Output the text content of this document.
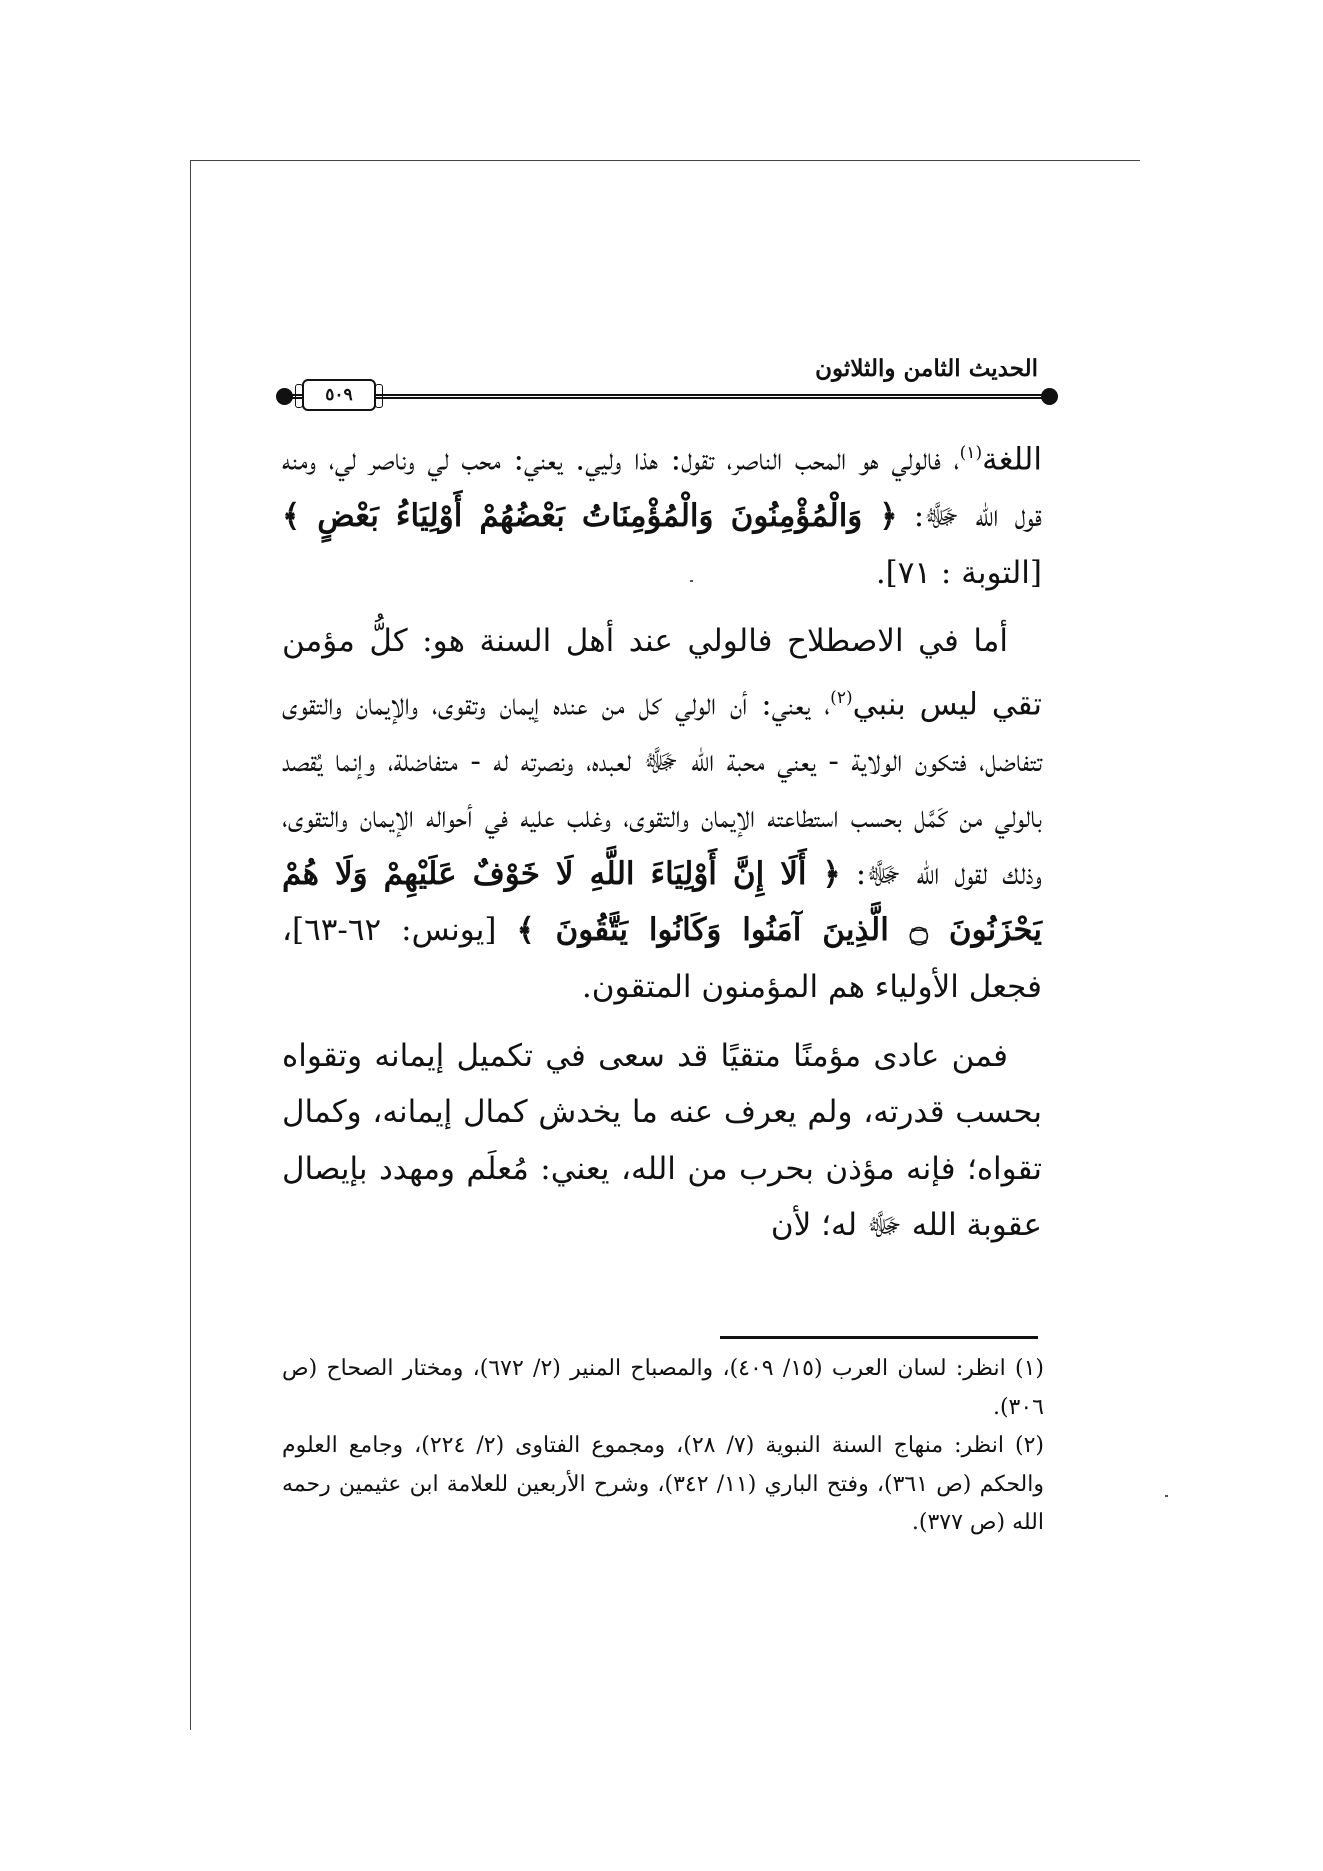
الحديث الثامن والثلاثون
٥٠٩

اللغة$^{(١)}$، فالولي هو المحب الناصر، تقول: هذا وليي. يعني: محب لي وناصر لي، ومنه قول الله ﷻ: ﴿ وَالْمُؤْمِنُونَ وَالْمُؤْمِنَاتُ بَعْضُهُمْ أَوْلِيَاءُ بَعْضٍ ﴾ [التوبة : ٧١].

أما في الاصطلاح فالولي عند أهل السنة هو: كلُّ مؤمن تقي ليس بنبي$^{(٢)}$، يعني: أن الولي كل من عنده إيمان وتقوى، والإيمان والتقوى تتفاضل، فتكون الولاية - يعني محبة الله ﷻ لعبده، ونصرته له - متفاضلة، وإنما يُقصد بالولي من كَمَّل بحسب استطاعته الإيمان والتقوى، وغلب عليه في أحواله الإيمان والتقوى، وذلك لقول الله ﷻ: ﴿ أَلَا إِنَّ أَوْلِيَاءَ اللَّهِ لَا خَوْفٌ عَلَيْهِمْ وَلَا هُمْ يَحْزَنُونَ ۝ الَّذِينَ آمَنُوا وَكَانُوا يَتَّقُونَ ﴾ [يونس: ٦٢-٦٣]، فجعل الأولياء هم المؤمنون المتقون.

فمن عادى مؤمنًا متقيًا قد سعى في تكميل إيمانه وتقواه بحسب قدرته، ولم يعرف عنه ما يخدش كمال إيمانه، وكمال تقواه؛ فإنه مؤذن بحرب من الله، يعني: مُعلَم ومهدد بإيصال عقوبة الله ﷻ له؛ لأن

(١) انظر: لسان العرب (١٥/ ٤٠٩)، والمصباح المنير (٢/ ٦٧٢)، ومختار الصحاح (ص ٣٠٦).

(٢) انظر: منهاج السنة النبوية (٧/ ٢٨)، ومجموع الفتاوى (٢/ ٢٢٤)، وجامع العلوم والحكم (ص ٣٦١)، وفتح الباري (١١/ ٣٤٢)، وشرح الأربعين للعلامة ابن عثيمين رحمه الله (ص ٣٧٧).
